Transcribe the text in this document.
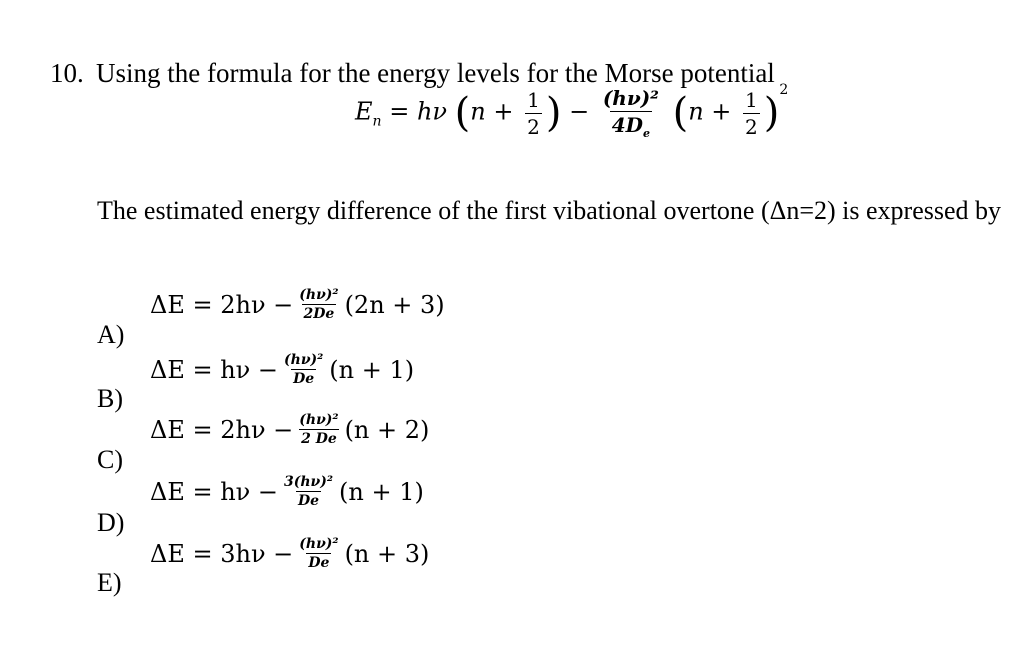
10. Using the formula for the energy levels for the Morse potential
$E_n = h\nu$ ($n + \frac{1}{2}$ ) − $\frac{\text{(hν)²}}{4D_e} (n + \frac{1}{2} )^2$
The estimated energy difference of the first vibational overtone (Δn=2) is expressed by
$\Delta E = 2h\nu - \frac{\text{(hν)²}}{2De} (2n + 3)$
A)
$\Delta E = h\nu - \frac{\text{(hν)²}}{De} (n + 1)$
B)
$\Delta E = 2h\nu - \frac{\text{(hν)²}}{2 De} (n + 2)$
C)
$\Delta E = h\nu - \frac{\text{3(hν)²}}{De} (n + 1)$
D)
$\Delta E = 3h\nu - \frac{\text{(hν)²}}{De} (n + 3)$
E)
